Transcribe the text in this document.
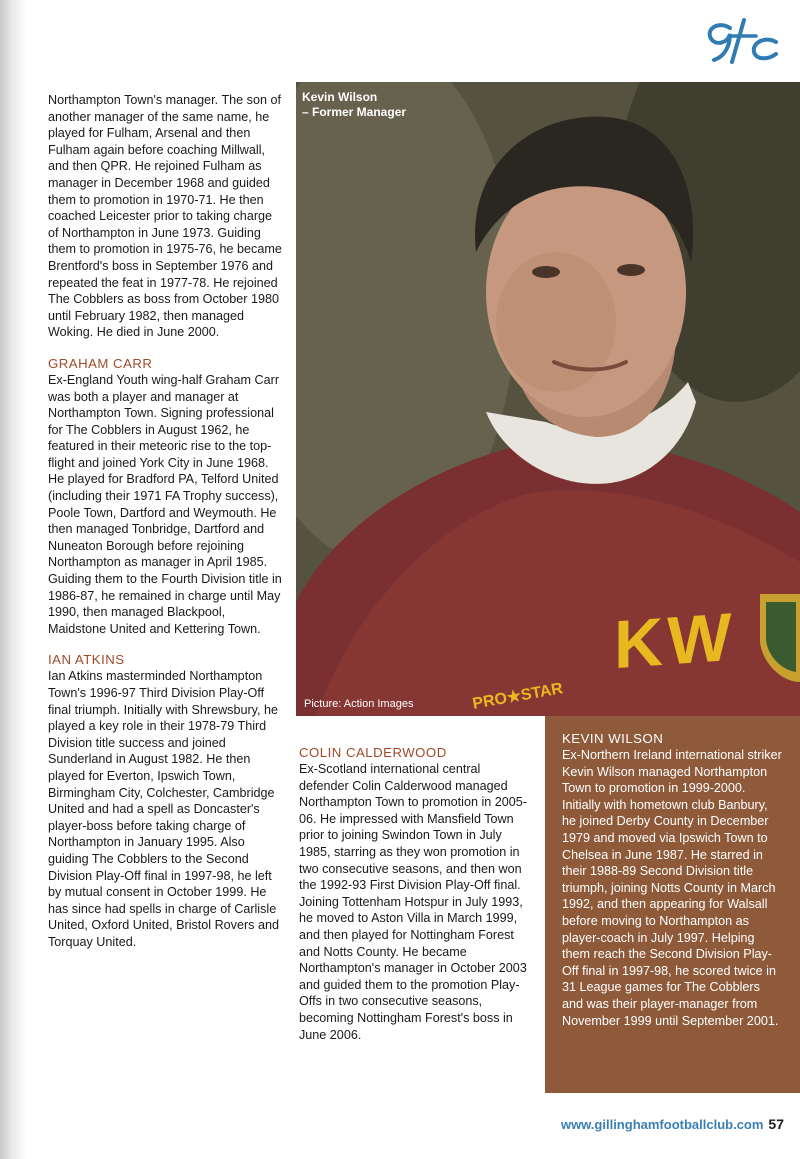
Northampton Town's manager. The son of another manager of the same name, he played for Fulham, Arsenal and then Fulham again before coaching Millwall, and then QPR. He rejoined Fulham as manager in December 1968 and guided them to promotion in 1970-71. He then coached Leicester prior to taking charge of Northampton in June 1973. Guiding them to promotion in 1975-76, he became Brentford's boss in September 1976 and repeated the feat in 1977-78. He rejoined The Cobblers as boss from October 1980 until February 1982, then managed Woking. He died in June 2000.

GRAHAM CARR

Ex-England Youth wing-half Graham Carr was both a player and manager at Northampton Town. Signing professional for The Cobblers in August 1962, he featured in their meteoric rise to the top-flight and joined York City in June 1968. He played for Bradford PA, Telford United (including their 1971 FA Trophy success), Poole Town, Dartford and Weymouth. He then managed Tonbridge, Dartford and Nuneaton Borough before rejoining Northampton as manager in April 1985. Guiding them to the Fourth Division title in 1986-87, he remained in charge until May 1990, then managed Blackpool, Maidstone United and Kettering Town.

IAN ATKINS

Ian Atkins masterminded Northampton Town's 1996-97 Third Division Play-Off final triumph. Initially with Shrewsbury, he played a key role in their 1978-79 Third Division title success and joined Sunderland in August 1982. He then played for Everton, Ipswich Town, Birmingham City, Colchester, Cambridge United and had a spell as Doncaster's player-boss before taking charge of Northampton in January 1995. Also guiding The Cobblers to the Second Division Play-Off final in 1997-98, he left by mutual consent in October 1999. He has since had spells in charge of Carlisle United, Oxford United, Bristol Rovers and Torquay United.

Kevin Wilson
– Former Manager
KW
PRO★STAR
Picture: Action Images
COLIN CALDERWOOD

Ex-Scotland international central defender Colin Calderwood managed Northampton Town to promotion in 2005-06. He impressed with Mansfield Town prior to joining Swindon Town in July 1985, starring as they won promotion in two consecutive seasons, and then won the 1992-93 First Division Play-Off final. Joining Tottenham Hotspur in July 1993, he moved to Aston Villa in March 1999, and then played for Nottingham Forest and Notts County. He became Northampton's manager in October 2003 and guided them to the promotion Play-Offs in two consecutive seasons, becoming Nottingham Forest's boss in June 2006.

KEVIN WILSON

Ex-Northern Ireland international striker Kevin Wilson managed Northampton Town to promotion in 1999-2000. Initially with hometown club Banbury, he joined Derby County in December 1979 and moved via Ipswich Town to Chelsea in June 1987. He starred in their 1988-89 Second Division title triumph, joining Notts County in March 1992, and then appearing for Walsall before moving to Northampton as player-coach in July 1997. Helping them reach the Second Division Play-Off final in 1997-98, he scored twice in 31 League games for The Cobblers and was their player-manager from November 1999 until September 2001.

www.gillinghamfootballclub.com 57
